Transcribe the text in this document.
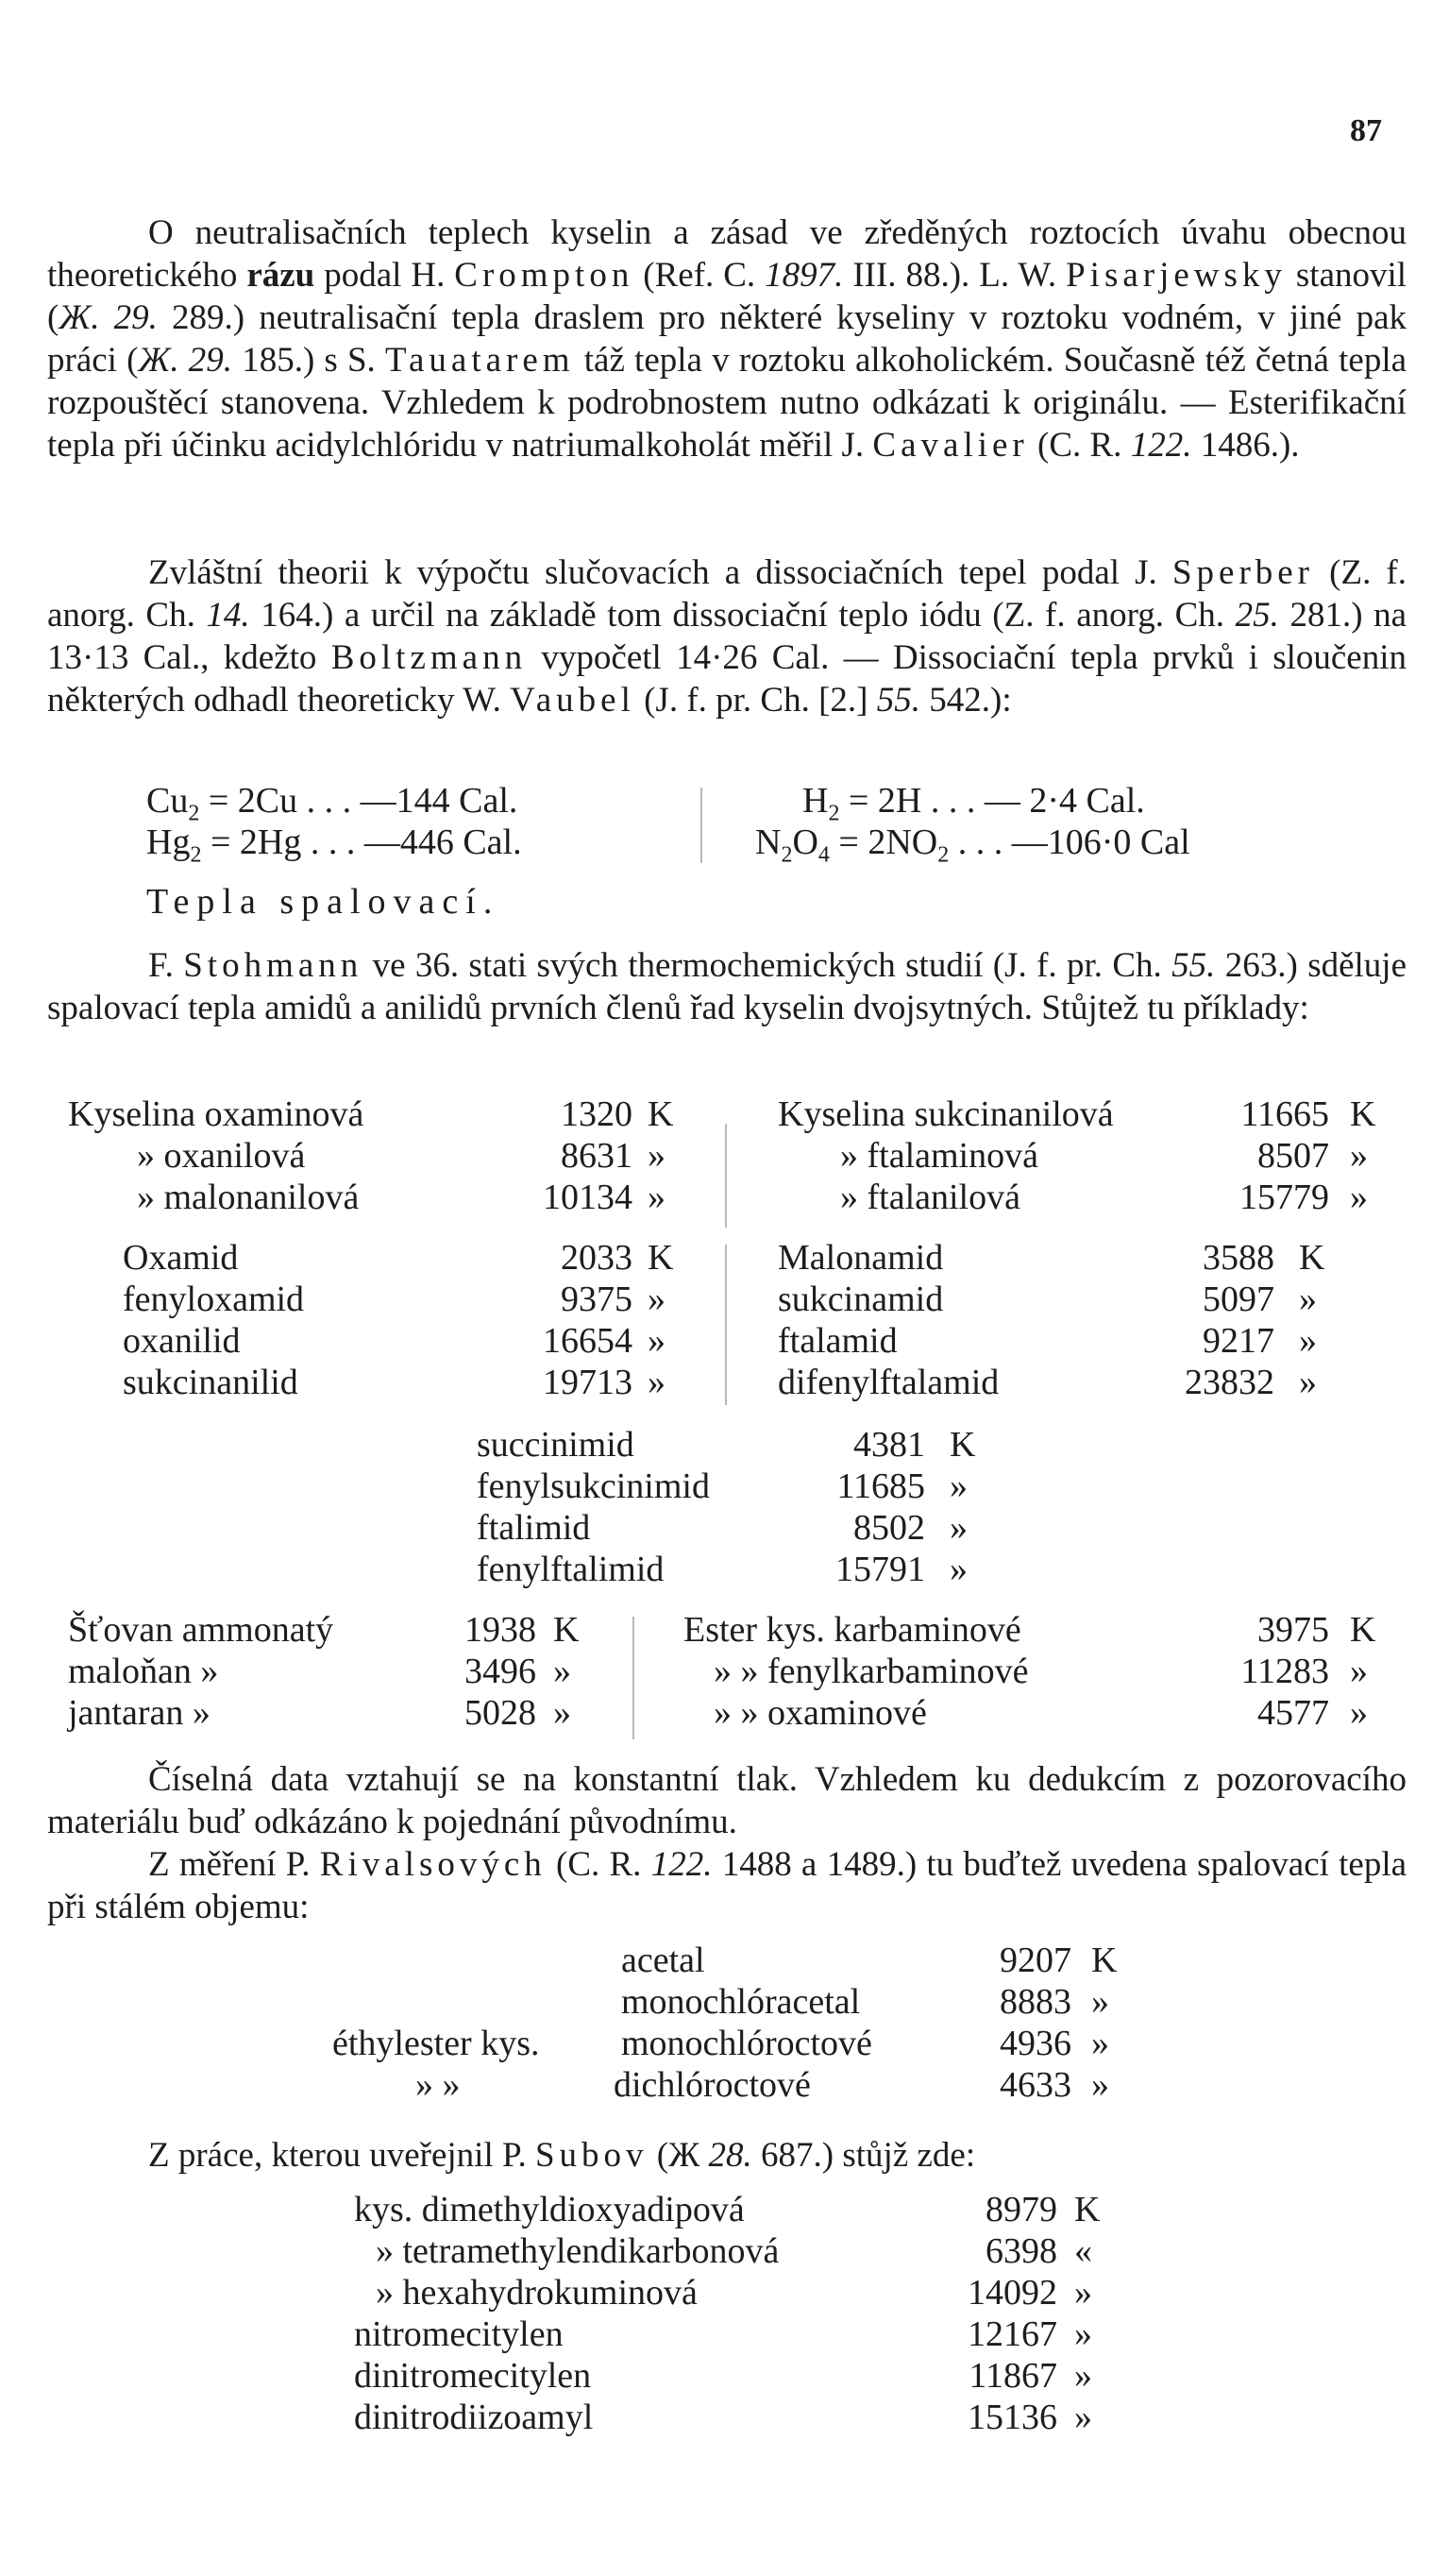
87
O neutralisačních teplech kyselin a zásad ve zředěných roztocích úvahu obecnou theoretického rázu podal H. Crompton (Ref. C. 1897. III. 88.). L. W. Pisarjewsky stanovil (Ж. 29. 289.) neutralisační tepla draslem pro některé kyseliny v roztoku vodném, v jiné pak práci (Ж. 29. 185.) s S. Tauatarem táž tepla v roztoku alkoholickém. Současně též četná tepla rozpouštěcí stanovena. Vzhledem k podrobnostem nutno odkázati k originálu. — Esterifikační tepla při účinku acidylchlóridu v natriumalkoholát měřil J. Cavalier (C. R. 122. 1486.).
Zvláštní theorii k výpočtu slučovacích a dissociačních tepel podal J. Sperber (Z. f. anorg. Ch. 14. 164.) a určil na základě tom dissociační teplo iódu (Z. f. anorg. Ch. 25. 281.) na 13·13 Cal., kdežto Boltzmann vypočetl 14·26 Cal. — Dissociační tepla prvků i sloučenin některých odhadl theoreticky W. Vaubel (J. f. pr. Ch. [2.] 55. 542.):
$Cu_2 = 2Cu$ . . . —144 Cal.
$Hg_2 = 2Hg$ . . . —446 Cal.
$H_2 = 2H$ . . . — 2·4 Cal.
$N_2O_4 = 2NO_2$ . . . —106·0 Cal
Tepla spalovací.
F. Stohmann ve 36. stati svých thermochemických studií (J. f. pr. Ch. 55. 263.) sděluje spalovací tepla amidů a anilidů prvních členů řad kyselin dvojsytných. Stůjtež tu příklady:
Kyselina oxaminová	1320 K	Kyselina sukcinanilová	11665 K
» oxanilová	8631 »	» ftalaminová	8507 »
» malonanilová	10134 »	» ftalanilová	15779 »
Oxamid	2033 K	Malonamid	3588 K
fenyloxamid	9375 »	sukcinamid	5097 »
oxanilid	16654 »	ftalamid	9217 »
sukcinanilid	19713 »	difenylftalamid	23832 »
succinimid	4381 K
fenylsukcinimid	11685 »
ftalimid	8502 »
fenylftalimid	15791 »
Šťovan ammonatý	1938 K	Ester kys. karbaminové	3975 K
maloňan »	3496 »	» » fenylkarbaminové	11283 »
jantaran »	5028 »	» » oxaminové	4577 »
Číselná data vztahují se na konstantní tlak. Vzhledem ku dedukcím z pozorovacího materiálu buď odkázáno k pojednání původnímu.
Z měření P. Rivalsových (C. R. 122. 1488 a 1489.) tu buďtež uvedena spalovací tepla při stálém objemu:
acetal	9207 K
monochlóracetal	8883 »
éthylester kys. monochlóroctové	4936 »
» »	dichlóroctové	4633 »
Z práce, kterou uveřejnil P. Subov (Ж 28. 687.) stůjž zde:
kys. dimethyldioxyadipová	8979 K
» tetramethylendikarbonová	6398 «
» hexahydrokuminová	14092 »
nitromecitylen	12167 »
dinitromecitylen	11867 »
dinitrodiizoamyl	15136 »
